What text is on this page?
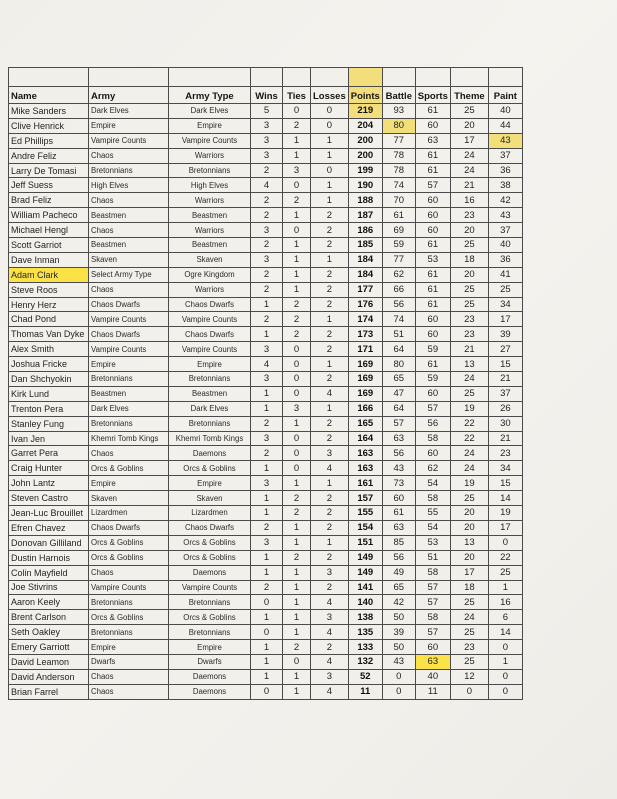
Name	Army	Army Type	Wins	Ties	Losses	Points	Battle	Sports	Theme	Paint
Mike Sanders	Dark Elves	Dark Elves	5	0	0	219	93	61	25	40
Clive Henrick	Empire	Empire	3	2	0	204	80	60	20	44
Ed Phillips	Vampire Counts	Vampire Counts	3	1	1	200	77	63	17	43
Andre Feliz	Chaos	Warriors	3	1	1	200	78	61	24	37
Larry De Tomasi	Bretonnians	Bretonnians	2	3	0	199	78	61	24	36
Jeff Suess	High Elves	High Elves	4	0	1	190	74	57	21	38
Brad Feliz	Chaos	Warriors	2	2	1	188	70	60	16	42
William Pacheco	Beastmen	Beastmen	2	1	2	187	61	60	23	43
Michael Hengl	Chaos	Warriors	3	0	2	186	69	60	20	37
Scott Garriot	Beastmen	Beastmen	2	1	2	185	59	61	25	40
Dave Inman	Skaven	Skaven	3	1	1	184	77	53	18	36
Adam Clark	Select Army Type	Ogre Kingdom	2	1	2	184	62	61	20	41
Steve Roos	Chaos	Warriors	2	1	2	177	66	61	25	25
Henry Herz	Chaos Dwarfs	Chaos Dwarfs	1	2	2	176	56	61	25	34
Chad Pond	Vampire Counts	Vampire Counts	2	2	1	174	74	60	23	17
Thomas Van Dyke	Chaos Dwarfs	Chaos Dwarfs	1	2	2	173	51	60	23	39
Alex Smith	Vampire Counts	Vampire Counts	3	0	2	171	64	59	21	27
Joshua Fricke	Empire	Empire	4	0	1	169	80	61	13	15
Dan Shchyokin	Bretonnians	Bretonnians	3	0	2	169	65	59	24	21
Kirk Lund	Beastmen	Beastmen	1	0	4	169	47	60	25	37
Trenton Pera	Dark Elves	Dark Elves	1	3	1	166	64	57	19	26
Stanley Fung	Bretonnians	Bretonnians	2	1	2	165	57	56	22	30
Ivan Jen	Khemri Tomb Kings	Khemri Tomb Kings	3	0	2	164	63	58	22	21
Garret Pera	Chaos	Daemons	2	0	3	163	56	60	24	23
Craig Hunter	Orcs & Goblins	Orcs & Goblins	1	0	4	163	43	62	24	34
John Lantz	Empire	Empire	3	1	1	161	73	54	19	15
Steven Castro	Skaven	Skaven	1	2	2	157	60	58	25	14
Jean-Luc Brouillet	Lizardmen	Lizardmen	1	2	2	155	61	55	20	19
Efren Chavez	Chaos Dwarfs	Chaos Dwarfs	2	1	2	154	63	54	20	17
Donovan Gilliland	Orcs & Goblins	Orcs & Goblins	3	1	1	151	85	53	13	0
Dustin Harnois	Orcs & Goblins	Orcs & Goblins	1	2	2	149	56	51	20	22
Colin Mayfield	Chaos	Daemons	1	1	3	149	49	58	17	25
Joe Stivrins	Vampire Counts	Vampire Counts	2	1	2	141	65	57	18	1
Aaron Keely	Bretonnians	Bretonnians	0	1	4	140	42	57	25	16
Brent Carlson	Orcs & Goblins	Orcs & Goblins	1	1	3	138	50	58	24	6
Seth Oakley	Bretonnians	Bretonnians	0	1	4	135	39	57	25	14
Emery Garriott	Empire	Empire	1	2	2	133	50	60	23	0
David Leamon	Dwarfs	Dwarfs	1	0	4	132	43	63	25	1
David Anderson	Chaos	Daemons	1	1	3	52	0	40	12	0
Brian Farrel	Chaos	Daemons	0	1	4	11	0	11	0	0
